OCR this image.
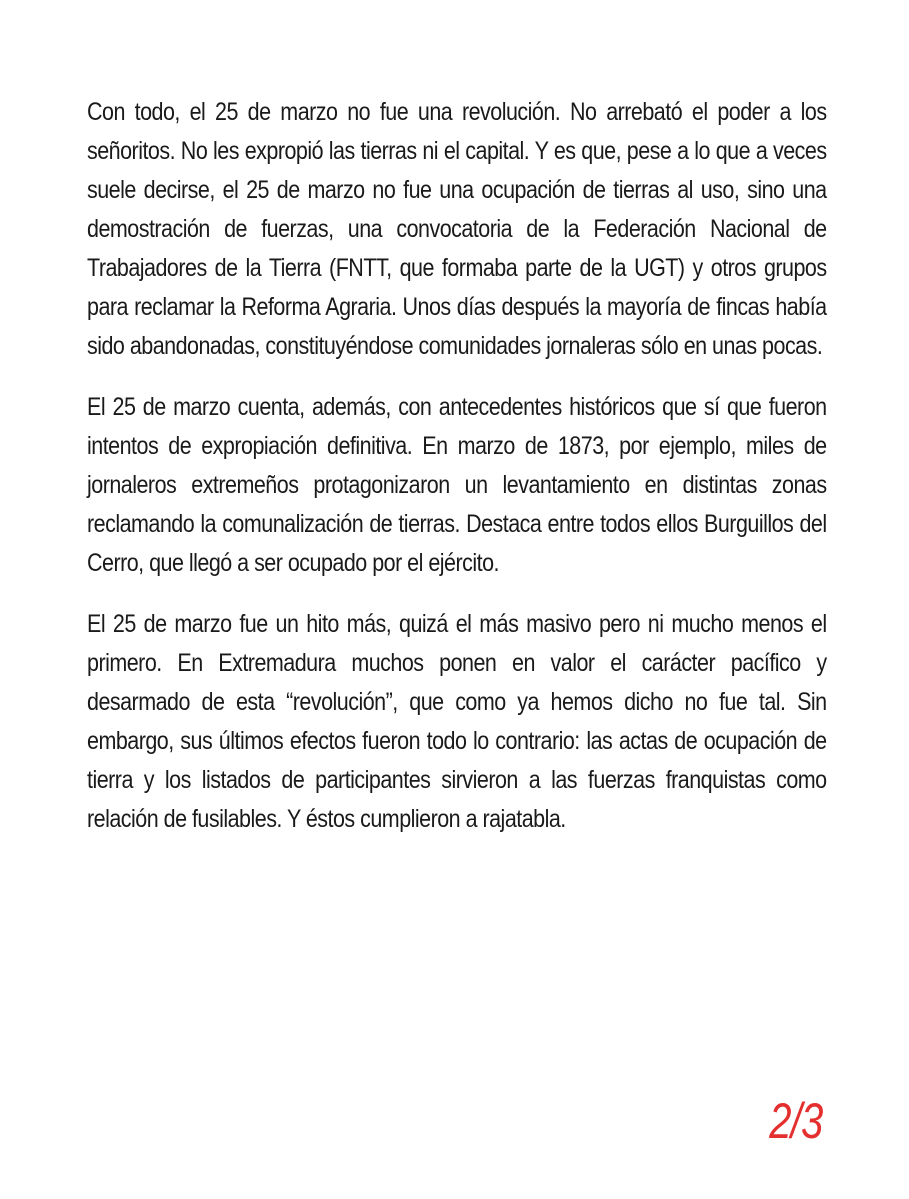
Con todo, el 25 de marzo no fue una revolución. No arrebató el poder a los señoritos. No les expropió las tierras ni el capital. Y es que, pese a lo que a veces suele decirse, el 25 de marzo no fue una ocupación de tierras al uso, sino una demostración de fuerzas, una convocatoria de la Federación Nacional de Trabajadores de la Tierra (FNTT, que formaba parte de la UGT) y otros grupos para reclamar la Reforma Agraria. Unos días después la mayoría de fincas había sido abandonadas, constituyéndose comunidades jornaleras sólo en unas pocas.

El 25 de marzo cuenta, además, con antecedentes históricos que sí que fueron intentos de expropiación definitiva. En marzo de 1873, por ejemplo, miles de jornaleros extremeños protagonizaron un levantamiento en distintas zonas reclamando la comunalización de tierras. Destaca entre todos ellos Burguillos del Cerro, que llegó a ser ocupado por el ejército.

El 25 de marzo fue un hito más, quizá el más masivo pero ni mucho menos el primero. En Extremadura muchos ponen en valor el carácter pacífico y desarmado de esta “revolución”, que como ya hemos dicho no fue tal. Sin embargo, sus últimos efectos fueron todo lo contrario: las actas de ocupación de tierra y los listados de participantes sirvieron a las fuerzas franquistas como relación de fusilables. Y éstos cumplieron a rajatabla.

2/3
